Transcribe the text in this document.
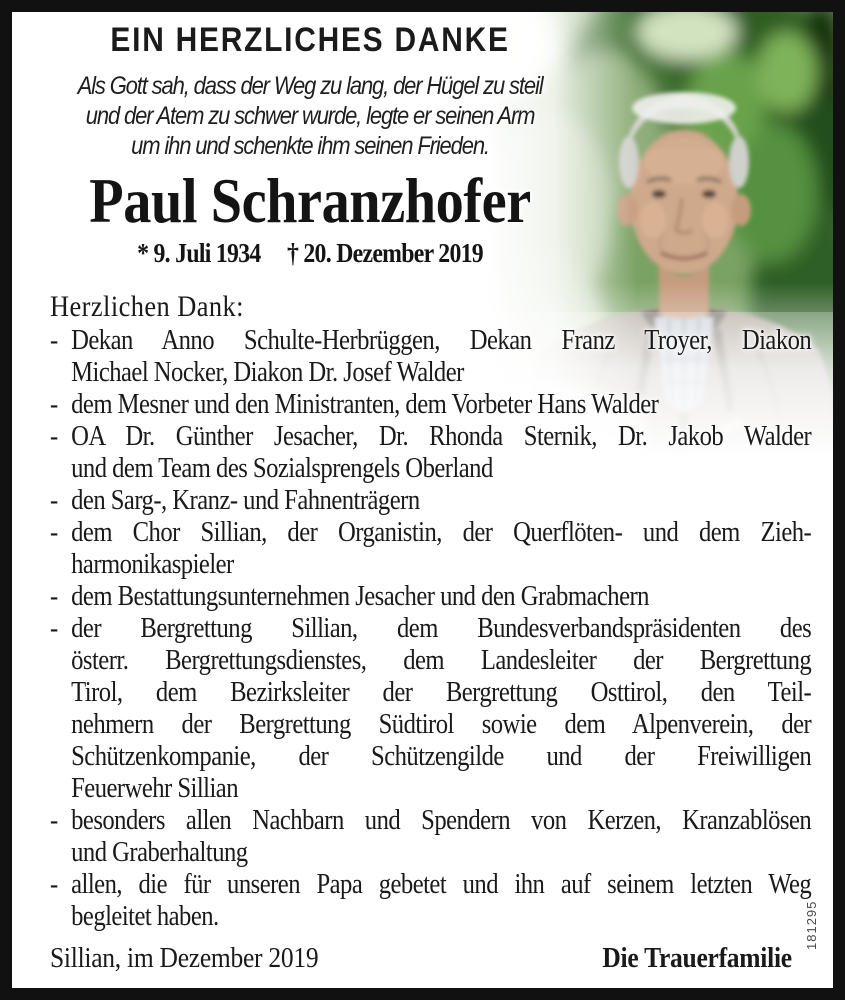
EIN HERZLICHES DANKE
Als Gott sah, dass der Weg zu lang, der Hügel zu steil
und der Atem zu schwer wurde, legte er seinen Arm
um ihn und schenkte ihm seinen Frieden.
Paul Schranzhofer
* 9. Juli 1934 † 20. Dezember 2019
Herzlichen Dank:
- Dekan Anno Schulte-Herbrüggen, Dekan Franz Troyer, Diakon
Michael Nocker, Diakon Dr. Josef Walder
- dem Mesner und den Ministranten, dem Vorbeter Hans Walder
- OA Dr. Günther Jesacher, Dr. Rhonda Sternik, Dr. Jakob Walder
und dem Team des Sozialsprengels Oberland
- den Sarg-, Kranz- und Fahnenträgern
- dem Chor Sillian, der Organistin, der Querflöten- und dem Zieh-
harmonikaspieler
- dem Bestattungsunternehmen Jesacher und den Grabmachern
- der Bergrettung Sillian, dem Bundesverbandspräsidenten des
österr. Bergrettungsdienstes, dem Landesleiter der Bergrettung
Tirol, dem Bezirksleiter der Bergrettung Osttirol, den Teil-
nehmern der Bergrettung Südtirol sowie dem Alpenverein, der
Schützenkompanie, der Schützengilde und der Freiwilligen
Feuerwehr Sillian
- besonders allen Nachbarn und Spendern von Kerzen, Kranzablösen
und Graberhaltung
- allen, die für unseren Papa gebetet und ihn auf seinem letzten Weg
begleitet haben.
Sillian, im Dezember 2019	Die Trauerfamilie
181295
